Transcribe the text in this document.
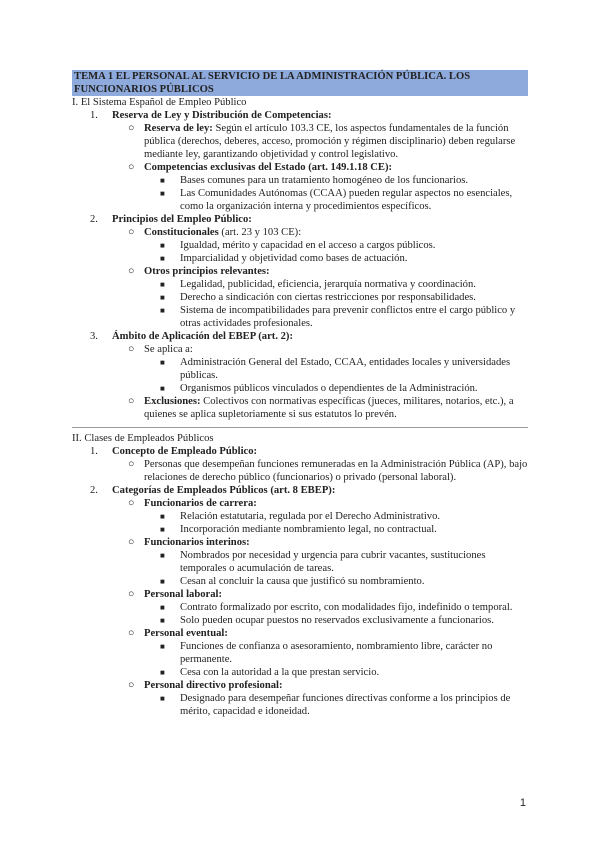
TEMA 1 EL PERSONAL AL SERVICIO DE LA ADMINISTRACIÓN PÚBLICA. LOS FUNCIONARIOS PÚBLICOS
I. El Sistema Español de Empleo Público
1.	Reserva de Ley y Distribución de Competencias:
○ Reserva de ley: Según el artículo 103.3 CE, los aspectos fundamentales de la función pública (derechos, deberes, acceso, promoción y régimen disciplinario) deben regularse mediante ley, garantizando objetividad y control legislativo.
○ Competencias exclusivas del Estado (art. 149.1.18 CE):
■	Bases comunes para un tratamiento homogéneo de los funcionarios.
■	Las Comunidades Autónomas (CCAA) pueden regular aspectos no esenciales, como la organización interna y procedimientos específicos.
2.	Principios del Empleo Público:
○ Constitucionales (art. 23 y 103 CE):
■	Igualdad, mérito y capacidad en el acceso a cargos públicos.
■	Imparcialidad y objetividad como bases de actuación.
○ Otros principios relevantes:
■	Legalidad, publicidad, eficiencia, jerarquía normativa y coordinación.
■	Derecho a sindicación con ciertas restricciones por responsabilidades.
■	Sistema de incompatibilidades para prevenir conflictos entre el cargo público y otras actividades profesionales.
3.	Ámbito de Aplicación del EBEP (art. 2):
○ Se aplica a:
■	Administración General del Estado, CCAA, entidades locales y universidades públicas.
■	Organismos públicos vinculados o dependientes de la Administración.
○ Exclusiones: Colectivos con normativas específicas (jueces, militares, notarios, etc.), a quienes se aplica supletoriamente si sus estatutos lo prevén.
II. Clases de Empleados Públicos
1.	Concepto de Empleado Público:
○ Personas que desempeñan funciones remuneradas en la Administración Pública (AP), bajo relaciones de derecho público (funcionarios) o privado (personal laboral).
2.	Categorías de Empleados Públicos (art. 8 EBEP):
○ Funcionarios de carrera:
■	Relación estatutaria, regulada por el Derecho Administrativo.
■	Incorporación mediante nombramiento legal, no contractual.
○ Funcionarios interinos:
■	Nombrados por necesidad y urgencia para cubrir vacantes, sustituciones temporales o acumulación de tareas.
■	Cesan al concluir la causa que justificó su nombramiento.
○ Personal laboral:
■	Contrato formalizado por escrito, con modalidades fijo, indefinido o temporal.
■	Solo pueden ocupar puestos no reservados exclusivamente a funcionarios.
○ Personal eventual:
■	Funciones de confianza o asesoramiento, nombramiento libre, carácter no permanente.
■	Cesa con la autoridad a la que prestan servicio.
○ Personal directivo profesional:
■	Designado para desempeñar funciones directivas conforme a los principios de mérito, capacidad e idoneidad.
1
